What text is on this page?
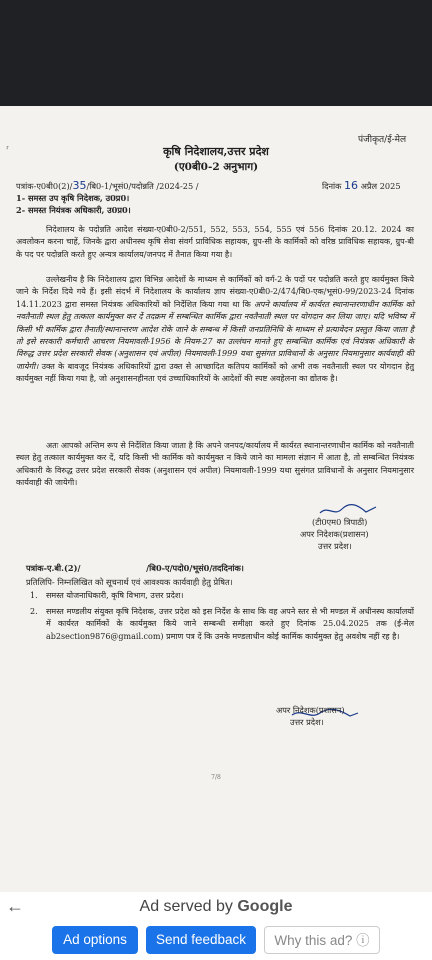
पंजीकृत/ई-मेल
⸢	कृषि निदेशालय,उत्तर प्रदेश
(ए0बी0-2 अनुभाग)
पत्रांक-ए0बी0(2)/35/बि0-1/भूसं0/पदोन्नति /2024-25 /	दिनांक 16 अप्रैल 2025
1- समस्त उप कृषि निदेशक, उ0प्र0।
2- समस्त नियंत्रक अधिकारी, उ0प्र0।
निदेशालय के पदोन्नति आदेश संख्या-ए0बी0-2/551, 552, 553, 554, 555 एवं 556 दिनांक 20.12. 2024 का अवलोकन करना चाहें, जिनके द्वारा अधीनस्थ कृषि सेवा संवर्ग प्राविधिक सहायक, ग्रुप-सी के कार्मिकों को वरिष्ठ प्राविधिक सहायक, ग्रुप-बी के पद पर पदोन्नति करते हुए अन्यत्र कार्यालय/जनपद में तैनात किया गया है।
उल्लेखनीय है कि निदेशालय द्वारा विभिन्न आदेशों के माध्यम से कार्मिकों को वर्ग-2 के पदों पर पदोन्नति करते हुए कार्यमुक्त किये जाने के निर्देश दिये गये हैं। इसी संदर्भ में निदेशालय के कार्यालय ज्ञाप संख्या-ए0बी0-2/474/बि0-एक/भूसं0-99/2023-24 दिनांक 14.11.2023 द्वारा समस्त नियंत्रक अधिकारियों को निर्देशित किया गया था कि अपने कार्यालय में कार्यरत स्थानान्तरणाधीन कार्मिक को नवतैनाती स्थल हेतु तत्काल कार्यमुक्त कर दें तदक्रम में सम्बन्धित कार्मिक द्वारा नवतैनाती स्थल पर योगदान कर लिया जाए। यदि भविष्य में किसी भी कार्मिक द्वारा तैनाती/स्थानान्तरण आदेश रोके जाने के सम्बन्ध में किसी जनप्रतिनिधि के माध्यम से प्रत्यावेदन प्रस्तुत किया जाता है तो इसे सरकारी कर्मचारी आचरण नियमावली-1956 के नियम-27 का उल्लंघन मानते हुए सम्बन्धित कार्मिक एवं नियंत्रक अधिकारी के विरुद्ध उत्तर प्रदेश सरकारी सेवक (अनुशासन एवं अपील) नियमावली-1999 यथा सुसंगत प्राविधानों के अनुसार नियमानुसार कार्यवाही की जायेगी। उक्त के बावजूद नियंत्रक अधिकारियों द्वारा उक्त से आच्छादित कतिपय कार्मिकों को अभी तक नवतैनाती स्थल पर योगदान हेतु कार्यमुक्त नहीं किया गया है, जो अनुशासनहीनता एवं उच्चाधिकारियों के आदेशों की स्पष्ट अवहेलना का द्योतक है।
अतः आपको अन्तिम रूप से निर्देशित किया जाता है कि अपने जनपद/कार्यालय में कार्यरत स्थानान्तरणाधीन कार्मिक को नवतैनाती स्थल हेतु तत्काल कार्यमुक्त कर दें, यदि किसी भी कार्मिक को कार्यमुक्त न किये जाने का मामला संज्ञान में आता है, तो सम्बन्धित नियंत्रक अधिकारी के विरुद्ध उत्तर प्रदेश सरकारी सेवक (अनुशासन एवं अपील) नियमावली-1999 यथा सुसंगत प्राविधानों के अनुसार नियमानुसार कार्यवाही की जायेगी।
(टी0एम0 त्रिपाठी)
अपर निदेशक(प्रशासन)
उत्तर प्रदेश।
पत्रांक-ए.बी.(2)/	/बि0-ए/पदो0/भूसं0/तददिनांक।
प्रतिलिपि- निम्नलिखित को सूचनार्थ एवं आवश्यक कार्यवाही हेतु प्रेषित।
1. समस्त योजनाधिकारी, कृषि विभाग, उत्तर प्रदेश।
2.	समस्त मण्डलीय संयुक्त कृषि निदेशक, उत्तर प्रदेश को इस निर्देश के साथ कि वह अपने स्तर से भी मण्डल में अधीनस्थ कार्यालयों में कार्यरत कार्मिकों के कार्यमुक्त किये जाने सम्बन्धी समीक्षा करते हुए दिनांक 25.04.2025 तक (ई-मेल ab2section9876@gmail.com) प्रमाण पत्र दें कि उनके मण्डलाधीन कोई कार्मिक कार्यमुक्त हेतु अवशेष नहीं रह है।
अपर निदेशक(प्रशासन)
उत्तर प्रदेश।
7/8
←	Ad served by Google
Ad options	Send feedback	Why this ad? ⓘ
